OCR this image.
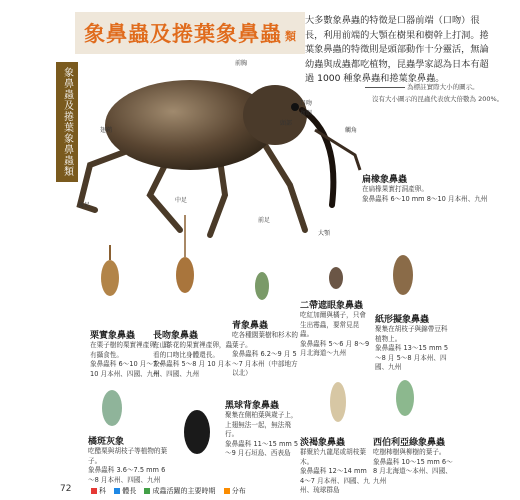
象鼻蟲及捲葉象鼻蟲 類
象鼻蟲及捲葉象鼻蟲類
大多數象鼻蟲的特徵是口器前端（口吻）很長，利用前端的大顎在樹果和樹幹上打洞。捲葉象鼻蟲的特徵則是頭部動作十分靈活，無論幼蟲與成蟲都吃植物，昆蟲學家認為日本有超過 1000 種象鼻蟲和捲葉象鼻蟲。
為標註實際大小的圖示。
沒有大小圖示的昆蟲代表放大倍數為 200%。
前胸
口吻
複眼
頭部
觸角
翅鞘
後足
中足
前足
大顎
扁橡象鼻蟲
在扁橡果實打洞產卵。
象鼻蟲科 6～10 mm 8～10 月本州、九州
栗實象鼻蟲
在栗子樹的栗實裡產卵，具有攝食性。
象鼻蟲科 6～10 月～7～10 月本州、四國、九州
長吻象鼻蟲
在山茶花的果實裡產卵，蟲看的口吻比身體還長。
象鼻蟲科 5～8 月 10 月本州、四國、九州
青象鼻蟲
吃各種闊葉樹和杉木的葉子。
象鼻蟲科 6.2～9 月 5～7 月本州（中部地方以北）
二帶遮眼象鼻蟲
吃紅加爾與橘子，只會生出霉蟲，要常見昆蟲。
象鼻蟲科 5～6 月 8～9 月北海道～九州
紙形擬象鼻蟲
聚集在胡枝子與錦帶豆科植物上。
象鼻蟲科 13～15 mm 5～8 月 5～8 月本州、四國、九州
橘斑灰象
吃醋栗與胡枝子等植物的葉子。
象鼻蟲科 3.6～7.5 mm 6～8 月本州、四國、九州
黑球背象鼻蟲
聚集在側柏葉與歲子上，上翅無法一起，無法飛行。
象鼻蟲科 11～15 mm 5～9 月石垣島、西表島
淡褐象鼻蟲
群聚於九龍尾或胡枝葉木。
象鼻蟲科 12～14 mm 4～7 月本州、四國、九州、琉球群島
西伯利亞綠象鼻蟲
吃樹柿樹與柳樹的葉子。
象鼻蟲科 10～15 mm 6～8 月北海道～本州、四國、九州
72	科 體長 成蟲活躍的主要時期 分布
